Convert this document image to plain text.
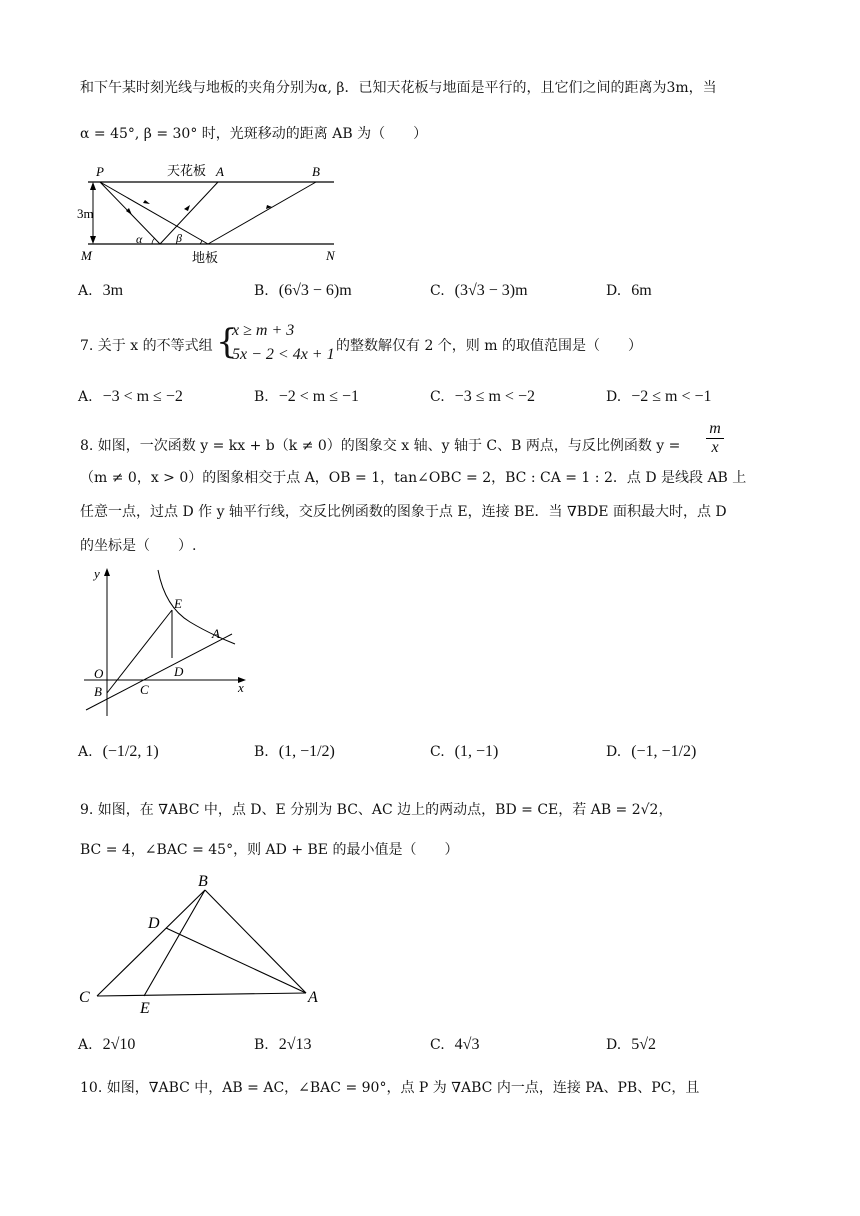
和下午某时刻光线与地板的夹角分别为α, β．已知天花板与地面是平行的，且它们之间的距离为3m，当
α = 45°, β = 30° 时，光斑移动的距离 AB 为（　　）
P	天花板 A	B
3m
α	β
M	地板	N
A. 3m	B. (6√3 − 6)m	C. (3√3 − 3)m	D. 6m
7. 关于 x 的不等式组 {
x ≥ m + 3
5x − 2 < 4x + 1 的整数解仅有 2 个，则 m 的取值范围是（　　）
A. −3 < m ≤ −2	B. −2 < m ≤ −1	C. −3 ≤ m < −2	D. −2 ≤ m < −1
8. 如图，一次函数 y = kx + b（k ≠ 0）的图象交 x 轴、y 轴于 C、B 两点，与反比例函数 y =
m
x
（m ≠ 0，x > 0）的图象相交于点 A，OB = 1，tan∠OBC = 2，BC : CA = 1 : 2．点 D 是线段 AB 上
任意一点，过点 D 作 y 轴平行线，交反比例函数的图象于点 E，连接 BE．当 ∇BDE 面积最大时，点 D
的坐标是（　　）.
y
x
O
B	C
D
E
A
A. (−1/2, 1)	B. (1, −1/2)	C. (1, −1)	D. (−1, −1/2)
9. 如图，在 ∇ABC 中，点 D、E 分别为 BC、AC 边上的两动点，BD = CE，若 AB = 2√2，
BC = 4，∠BAC = 45°，则 AD + BE 的最小值是（　　）
B
D
C
E
A
A. 2√10	B. 2√13	C. 4√3	D. 5√2
10. 如图，∇ABC 中，AB = AC，∠BAC = 90°，点 P 为 ∇ABC 内一点，连接 PA、PB、PC，且
